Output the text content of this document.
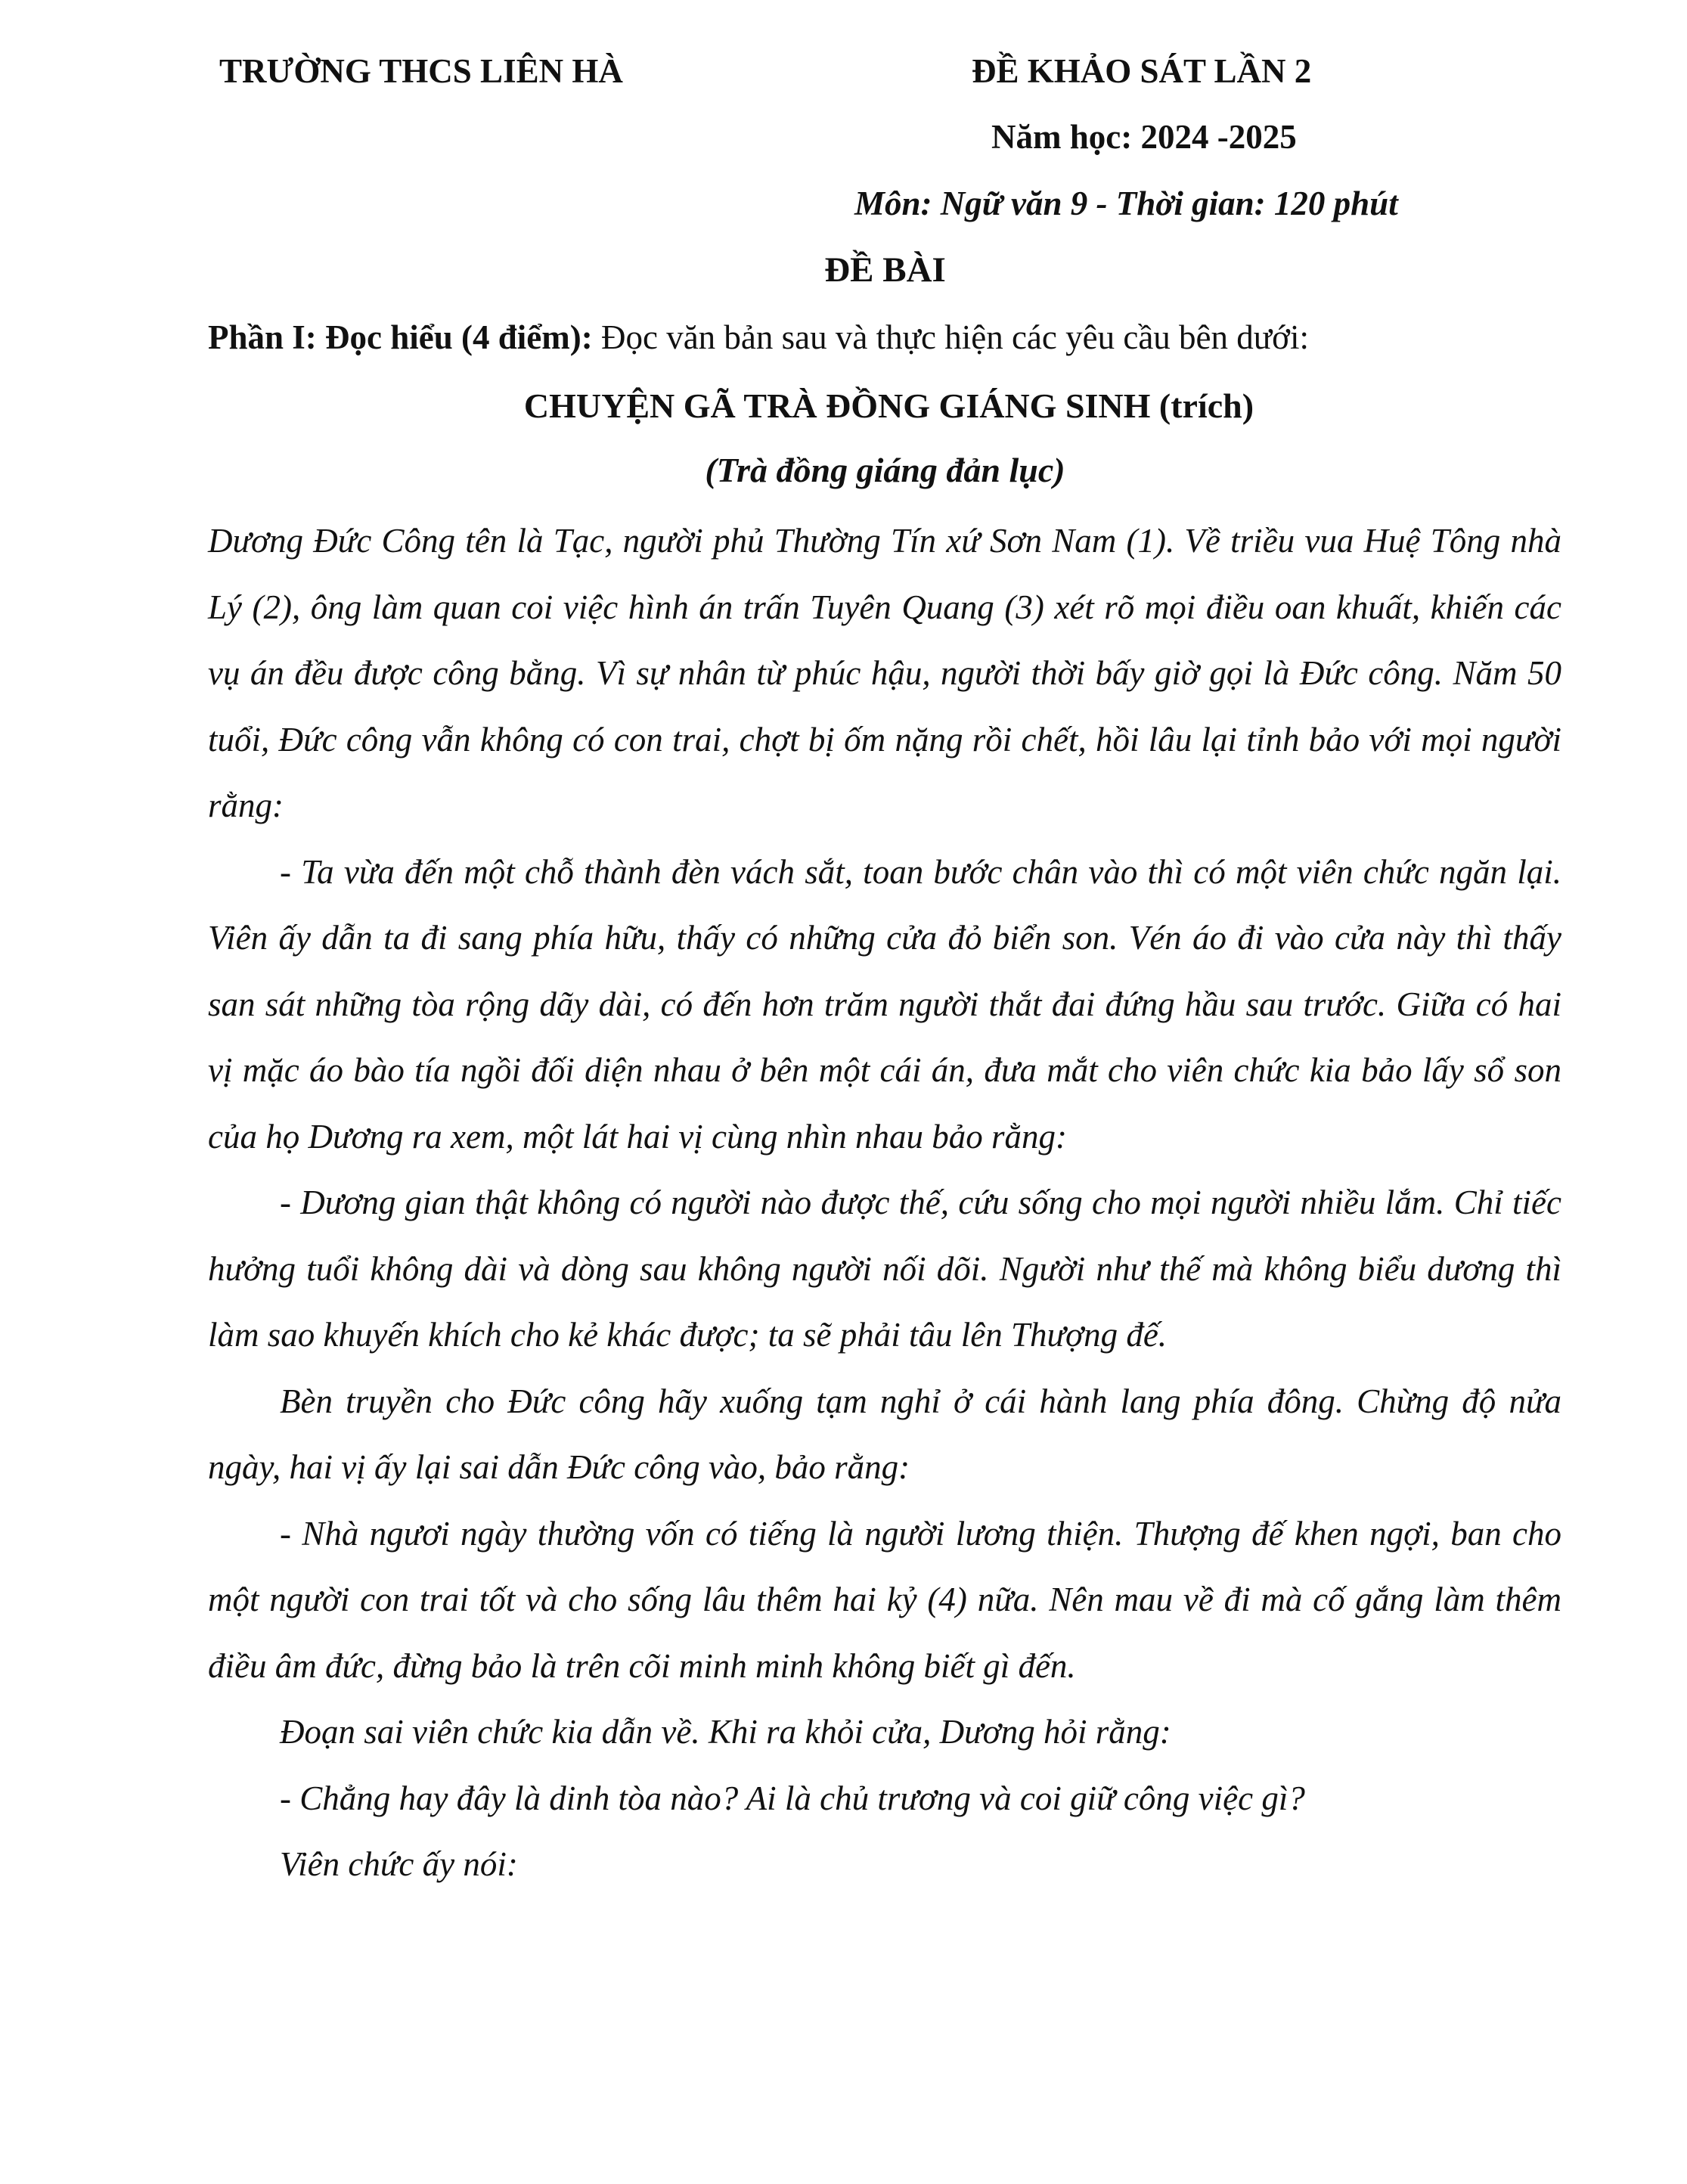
TRƯỜNG THCS LIÊN HÀ	ĐỀ KHẢO SÁT LẦN 2
Năm học: 2024 -2025
Môn: Ngữ văn 9 - Thời gian: 120 phút
ĐỀ BÀI
Phần I: Đọc hiểu (4 điểm): Đọc văn bản sau và thực hiện các yêu cầu bên dưới:
CHUYỆN GÃ TRÀ ĐỒNG GIÁNG SINH (trích)
(Trà đồng giáng đản lục)

Dương Đức Công tên là Tạc, người phủ Thường Tín xứ Sơn Nam (1). Về triều vua Huệ Tông nhà Lý (2), ông làm quan coi việc hình án trấn Tuyên Quang (3) xét rõ mọi điều oan khuất, khiến các vụ án đều được công bằng. Vì sự nhân từ phúc hậu, người thời bấy giờ gọi là Đức công. Năm 50 tuổi, Đức công vẫn không có con trai, chợt bị ốm nặng rồi chết, hồi lâu lại tỉnh bảo với mọi người rằng:

- Ta vừa đến một chỗ thành đèn vách sắt, toan bước chân vào thì có một viên chức ngăn lại. Viên ấy dẫn ta đi sang phía hữu, thấy có những cửa đỏ biển son. Vén áo đi vào cửa này thì thấy san sát những tòa rộng dãy dài, có đến hơn trăm người thắt đai đứng hầu sau trước. Giữa có hai vị mặc áo bào tía ngồi đối diện nhau ở bên một cái án, đưa mắt cho viên chức kia bảo lấy sổ son của họ Dương ra xem, một lát hai vị cùng nhìn nhau bảo rằng:

- Dương gian thật không có người nào được thế, cứu sống cho mọi người nhiều lắm. Chỉ tiếc hưởng tuổi không dài và dòng sau không người nối dõi. Người như thế mà không biểu dương thì làm sao khuyến khích cho kẻ khác được; ta sẽ phải tâu lên Thượng đế.

Bèn truyền cho Đức công hãy xuống tạm nghỉ ở cái hành lang phía đông. Chừng độ nửa ngày, hai vị ấy lại sai dẫn Đức công vào, bảo rằng:

- Nhà ngươi ngày thường vốn có tiếng là người lương thiện. Thượng đế khen ngợi, ban cho một người con trai tốt và cho sống lâu thêm hai kỷ (4) nữa. Nên mau về đi mà cố gắng làm thêm điều âm đức, đừng bảo là trên cõi minh minh không biết gì đến.

Đoạn sai viên chức kia dẫn về. Khi ra khỏi cửa, Dương hỏi rằng:

- Chẳng hay đây là dinh tòa nào? Ai là chủ trương và coi giữ công việc gì?

Viên chức ấy nói:
